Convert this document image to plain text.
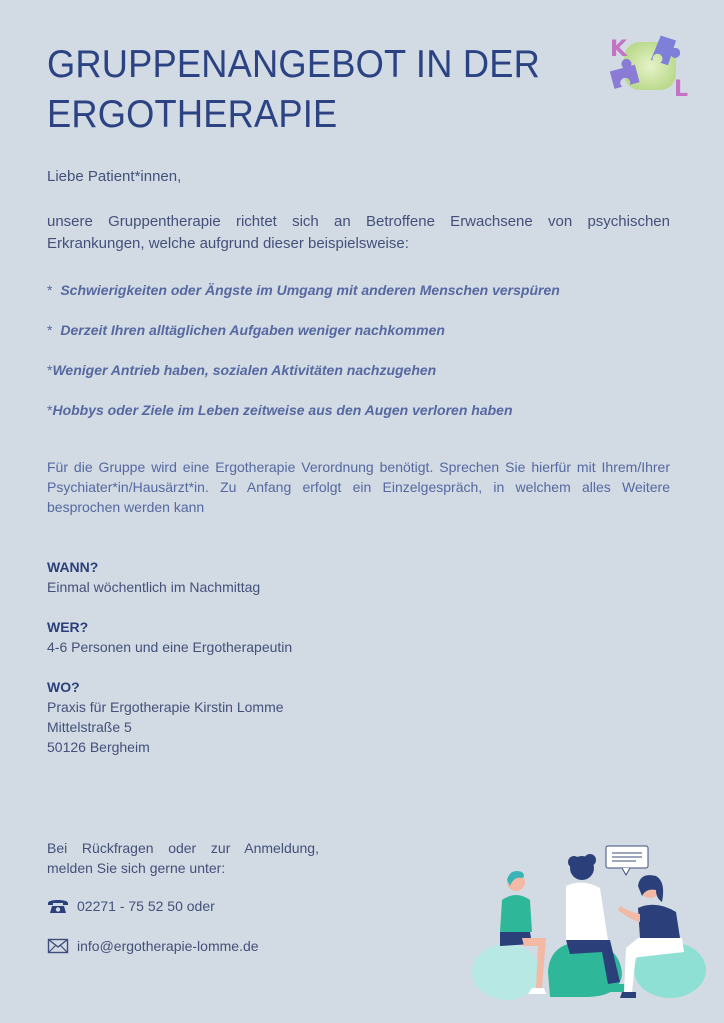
GRUPPENANGEBOT IN DER
ERGOTHERAPIE
K
L
Liebe Patient*innen,
unsere Gruppentherapie richtet sich an Betroffene Erwachsene von psychischen Erkrankungen, welche aufgrund dieser beispielsweise:
* Schwierigkeiten oder Ängste im Umgang mit anderen Menschen verspüren
* Derzeit Ihren alltäglichen Aufgaben weniger nachkommen
*Weniger Antrieb haben, sozialen Aktivitäten nachzugehen
*Hobbys oder Ziele im Leben zeitweise aus den Augen verloren haben
Für die Gruppe wird eine Ergotherapie Verordnung benötigt. Sprechen Sie hierfür mit Ihrem/Ihrer Psychiater*in/Hausärzt*in. Zu Anfang erfolgt ein Einzelgespräch, in welchem alles Weitere besprochen werden kann
WANN?
Einmal wöchentlich im Nachmittag
WER?
4-6 Personen und eine Ergotherapeutin
WO?
Praxis für Ergotherapie Kirstin Lomme
Mittelstraße 5
50126 Bergheim
Bei Rückfragen oder zur Anmeldung, melden Sie sich gerne unter:
02271 - 75 52 50 oder
info@ergotherapie-lomme.de
